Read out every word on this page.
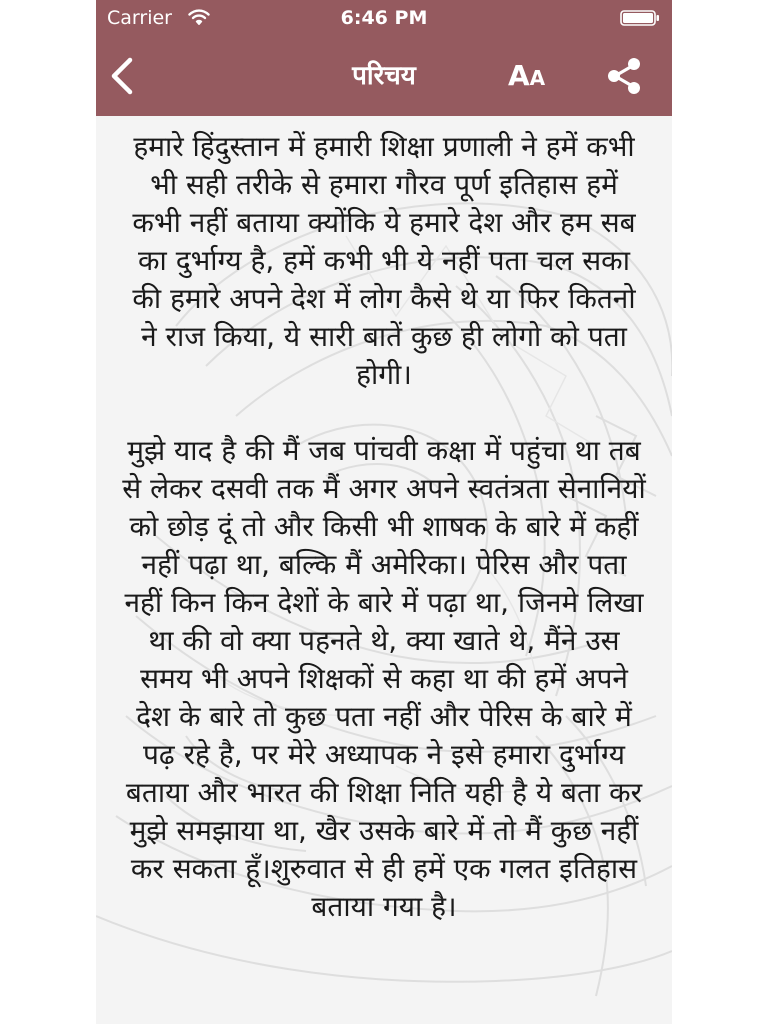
Carrier	6:46 PM
परिचय	AA

हमारे हिंदुस्तान में हमारी शिक्षा प्रणाली ने हमें कभी भी सही तरीके से हमारा गौरव पूर्ण इतिहास हमें कभी नहीं बताया क्योंकि ये हमारे देश और हम सब का दुर्भाग्य है, हमें कभी भी ये नहीं पता चल सका की हमारे अपने देश में लोग कैसे थे या फिर कितनो ने राज किया, ये सारी बातें कुछ ही लोगो को पता होगी।

मुझे याद है की मैं जब पांचवी कक्षा में पहुंचा था तब से लेकर दसवी तक मैं अगर अपने स्वतंत्रता सेनानियों को छोड़ दूं तो और किसी भी शाषक के बारे में कहीं नहीं पढ़ा था, बल्कि मैं अमेरिका। पेरिस और पता नहीं किन किन देशों के बारे में पढ़ा था, जिनमे लिखा था की वो क्या पहनते थे, क्या खाते थे, मैंने उस समय भी अपने शिक्षकों से कहा था की हमें अपने देश के बारे तो कुछ पता नहीं और पेरिस के बारे में पढ़ रहे है, पर मेरे अध्यापक ने इसे हमारा दुर्भाग्य बताया और भारत की शिक्षा निति यही है ये बता कर मुझे समझाया था, खैर उसके बारे में तो मैं कुछ नहीं कर सकता हूँ।शुरुवात से ही हमें एक गलत इतिहास बताया गया है।
